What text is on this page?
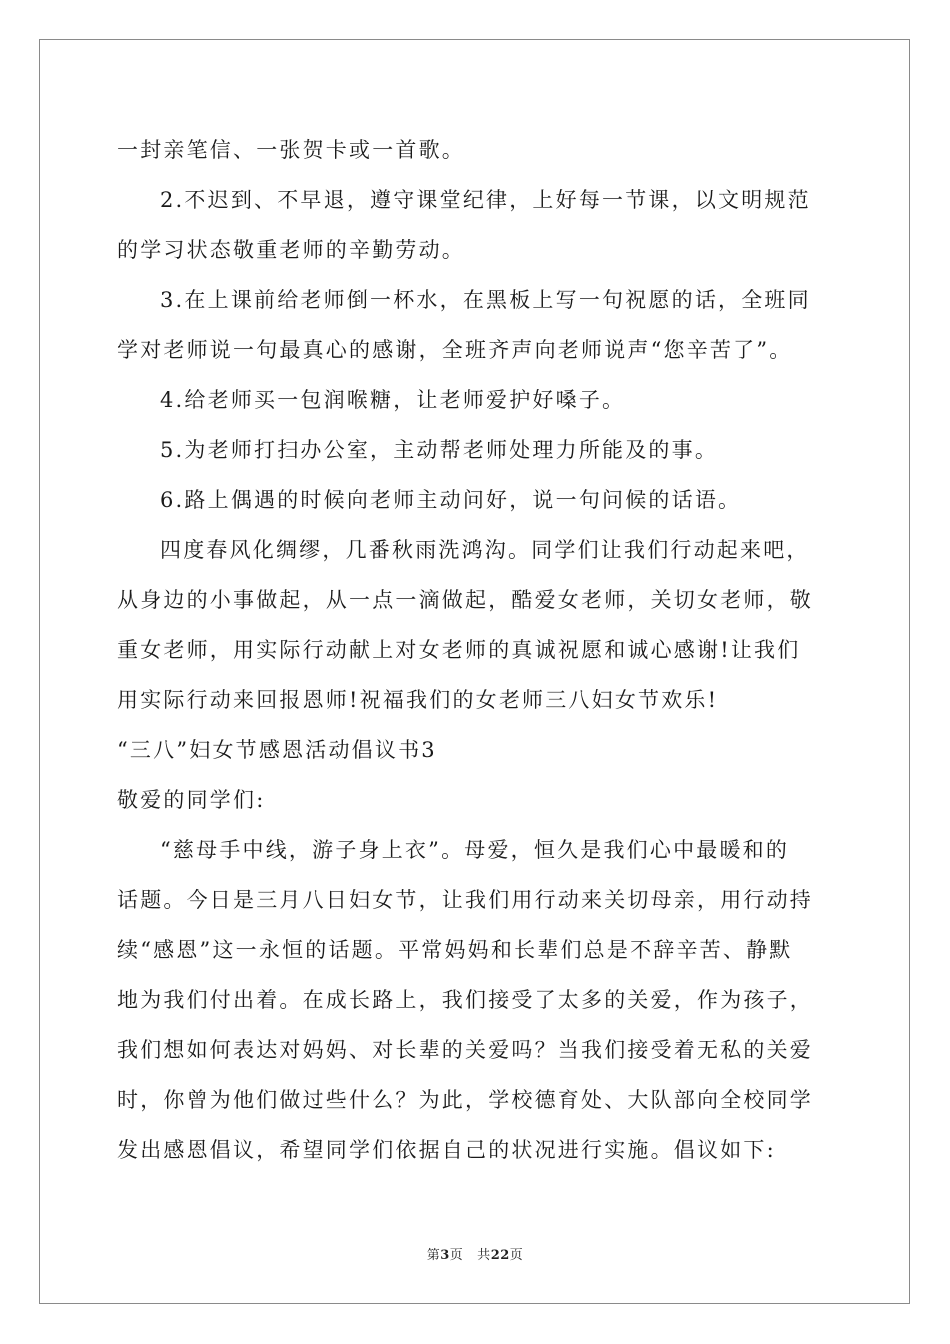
一封亲笔信、一张贺卡或一首歌。
2.不迟到、不早退，遵守课堂纪律，上好每一节课，以文明规范
的学习状态敬重老师的辛勤劳动。
3.在上课前给老师倒一杯水，在黑板上写一句祝愿的话，全班同
学对老师说一句最真心的感谢，全班齐声向老师说声“您辛苦了”。
4.给老师买一包润喉糖，让老师爱护好嗓子。
5.为老师打扫办公室，主动帮老师处理力所能及的事。
6.路上偶遇的时候向老师主动问好，说一句问候的话语。
四度春风化绸缪，几番秋雨洗鸿沟。同学们让我们行动起来吧，
从身边的小事做起，从一点一滴做起，酷爱女老师，关切女老师，敬
重女老师，用实际行动献上对女老师的真诚祝愿和诚心感谢!让我们
用实际行动来回报恩师!祝福我们的女老师三八妇女节欢乐!
“三八”妇女节感恩活动倡议书3
敬爱的同学们:
“慈母手中线，游子身上衣”。母爱，恒久是我们心中最暖和的
话题。今日是三月八日妇女节，让我们用行动来关切母亲，用行动持
续“感恩”这一永恒的话题。平常妈妈和长辈们总是不辞辛苦、静默
地为我们付出着。在成长路上，我们接受了太多的关爱，作为孩子，
我们想如何表达对妈妈、对长辈的关爱吗？当我们接受着无私的关爱
时，你曾为他们做过些什么？为此，学校德育处、大队部向全校同学
发出感恩倡议，希望同学们依据自己的状况进行实施。倡议如下:
第3页 共22页
